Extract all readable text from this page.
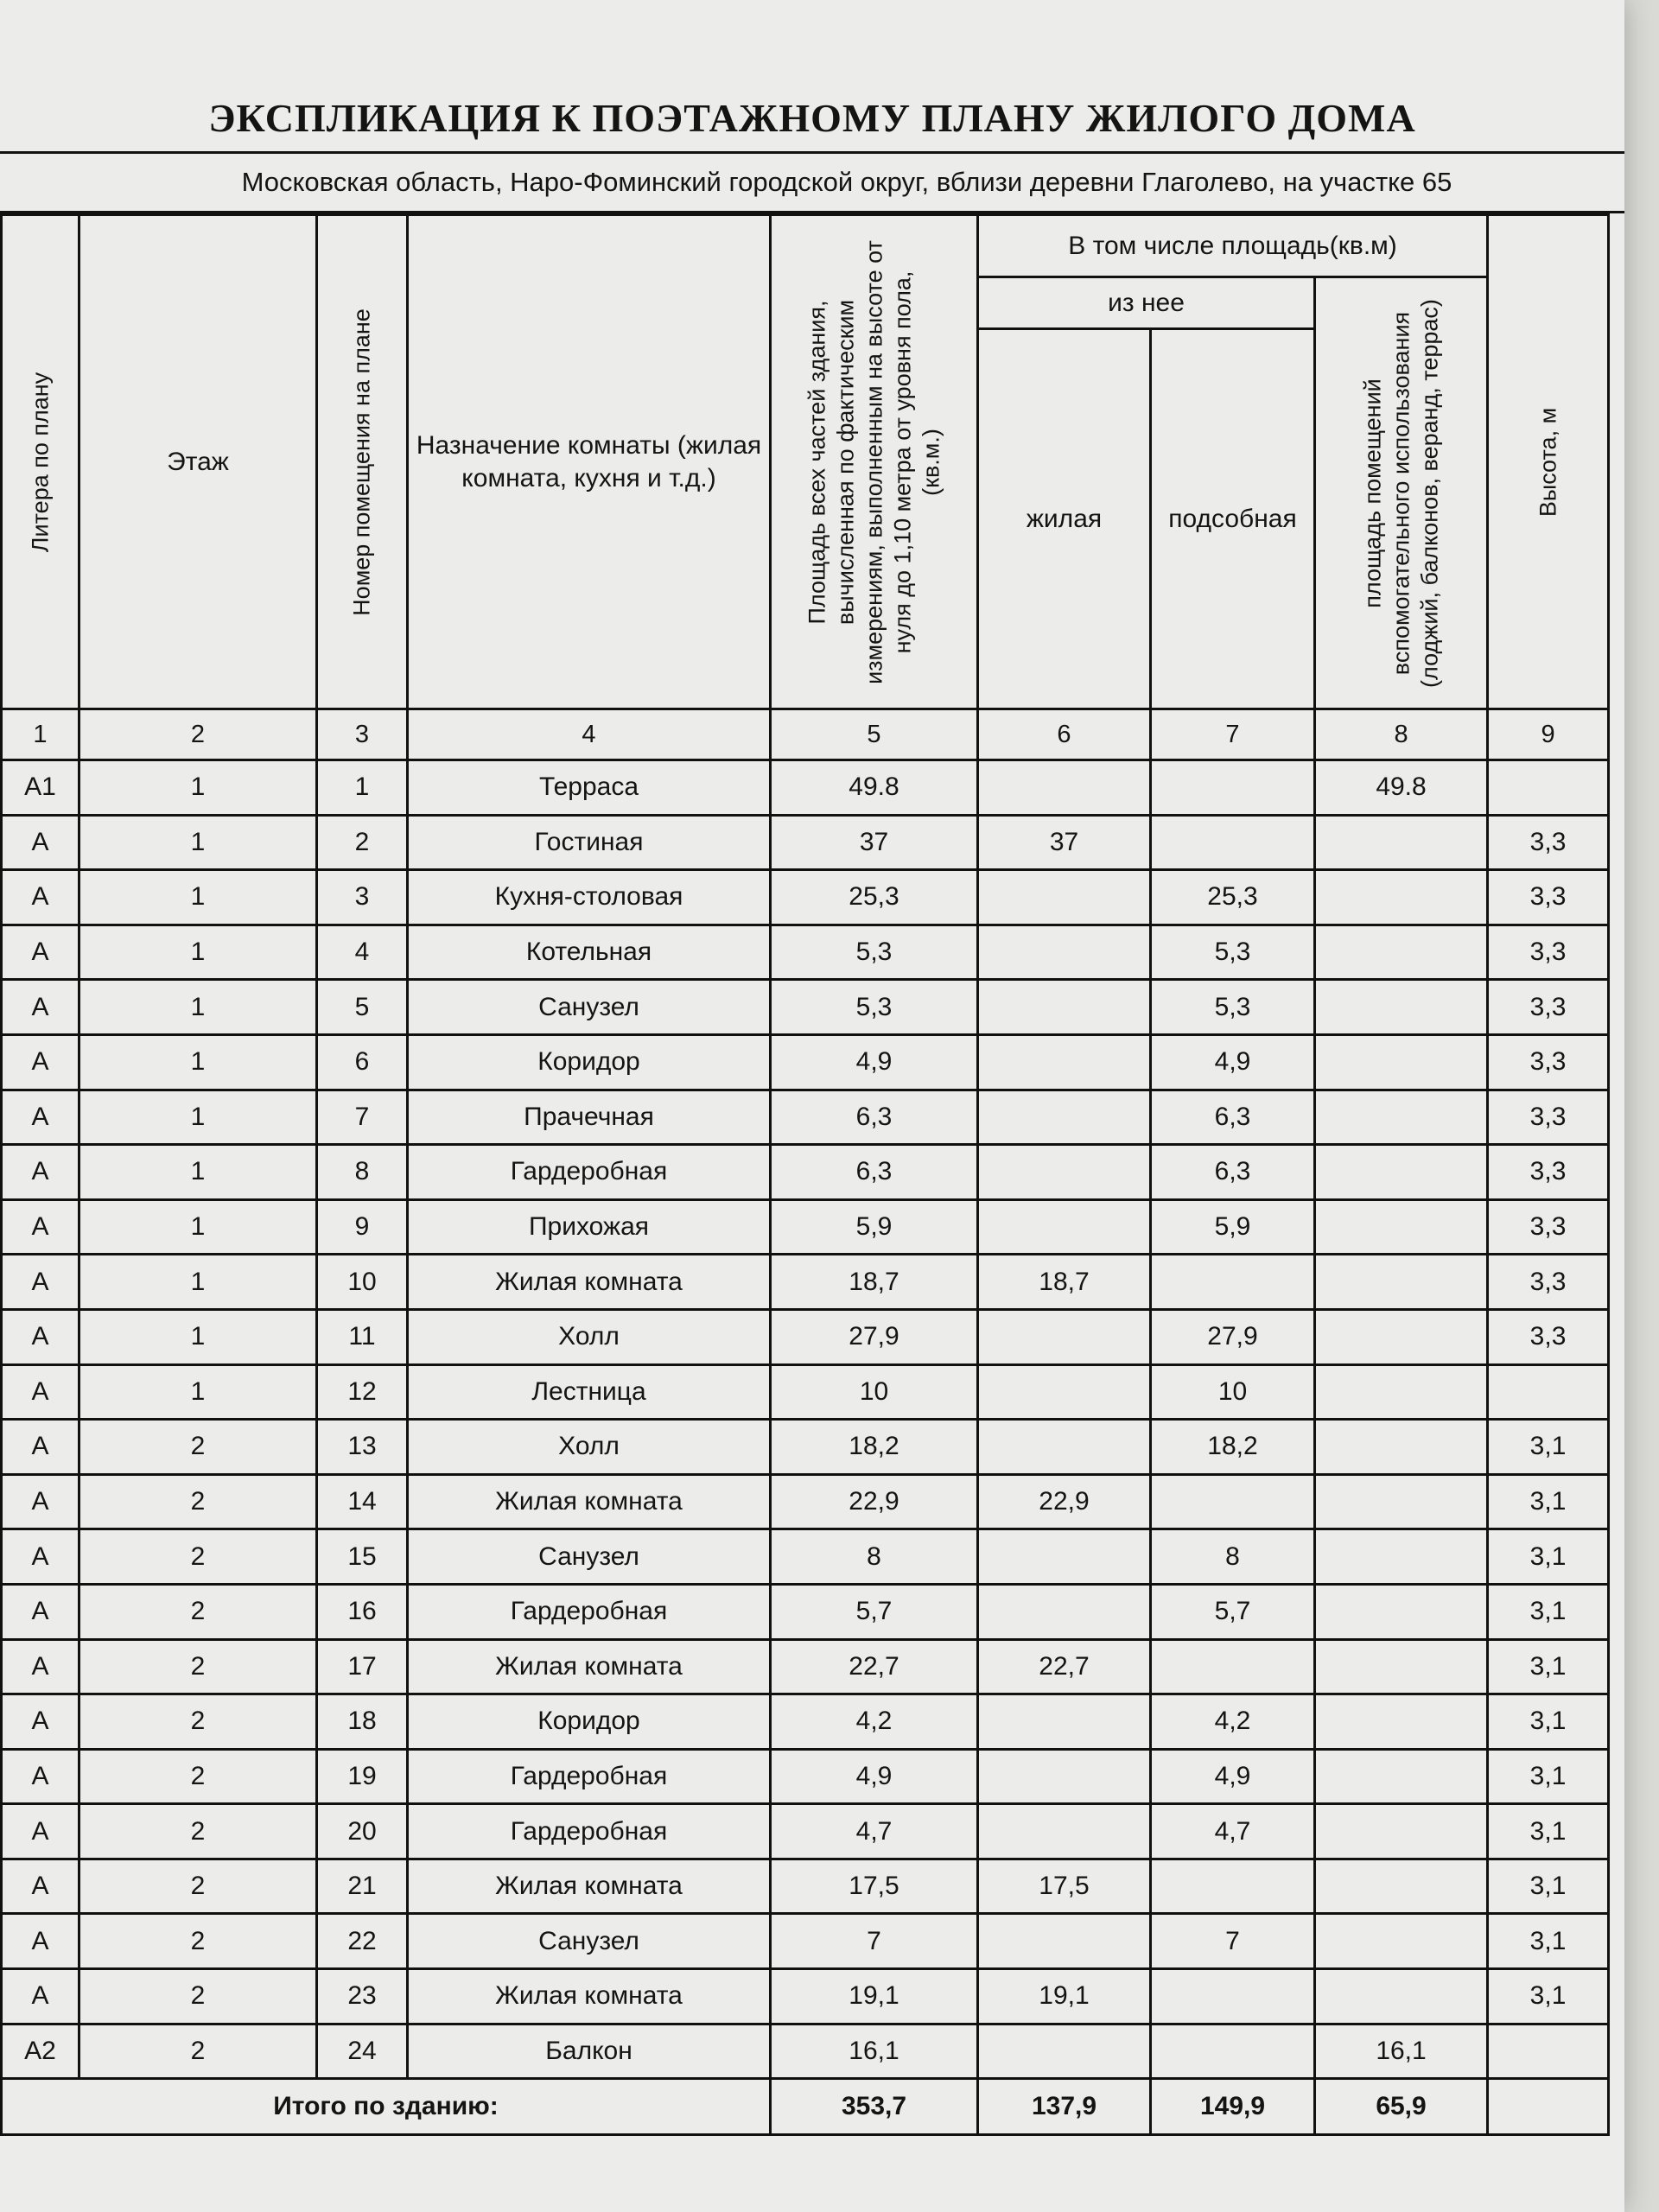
ЭКСПЛИКАЦИЯ К ПОЭТАЖНОМУ ПЛАНУ ЖИЛОГО ДОМА
Московская область, Наро-Фоминский городской округ, вблизи деревни Глаголево, на участке 65
Литера по плану	Этаж	Номер помещения на плане	Назначение комнаты (жилая комната, кухня и т.д.)	Площадь всех частей здания, вычисленная по фактическим измерениям, выполненным на высоте от нуля до 1,10 метра от уровня пола, (кв.м.)	В том числе площадь(кв.м)			Высота, м

					из нее		площадь помещений вспомогательного использования (лоджий, балконов, веранд, террас)	

					жилая	подсобная		
1	2	3	4	5	6	7	8	9
А1	1	1	Терраса	49.8			49.8	
А	1	2	Гостиная	37	37			3,3
А	1	3	Кухня-столовая	25,3		25,3		3,3
А	1	4	Котельная	5,3		5,3		3,3
А	1	5	Санузел	5,3		5,3		3,3
А	1	6	Коридор	4,9		4,9		3,3
А	1	7	Прачечная	6,3		6,3		3,3
А	1	8	Гардеробная	6,3		6,3		3,3
А	1	9	Прихожая	5,9		5,9		3,3
А	1	10	Жилая комната	18,7	18,7			3,3
А	1	11	Холл	27,9		27,9		3,3
А	1	12	Лестница	10		10		
А	2	13	Холл	18,2		18,2		3,1
А	2	14	Жилая комната	22,9	22,9			3,1
А	2	15	Санузел	8		8		3,1
А	2	16	Гардеробная	5,7		5,7		3,1
А	2	17	Жилая комната	22,7	22,7			3,1
А	2	18	Коридор	4,2		4,2		3,1
А	2	19	Гардеробная	4,9		4,9		3,1
А	2	20	Гардеробная	4,7		4,7		3,1
А	2	21	Жилая комната	17,5	17,5			3,1
А	2	22	Санузел	7		7		3,1
А	2	23	Жилая комната	19,1	19,1			3,1
А2	2	24	Балкон	16,1			16,1	
Итого по зданию:				353,7	137,9	149,9	65,9	
